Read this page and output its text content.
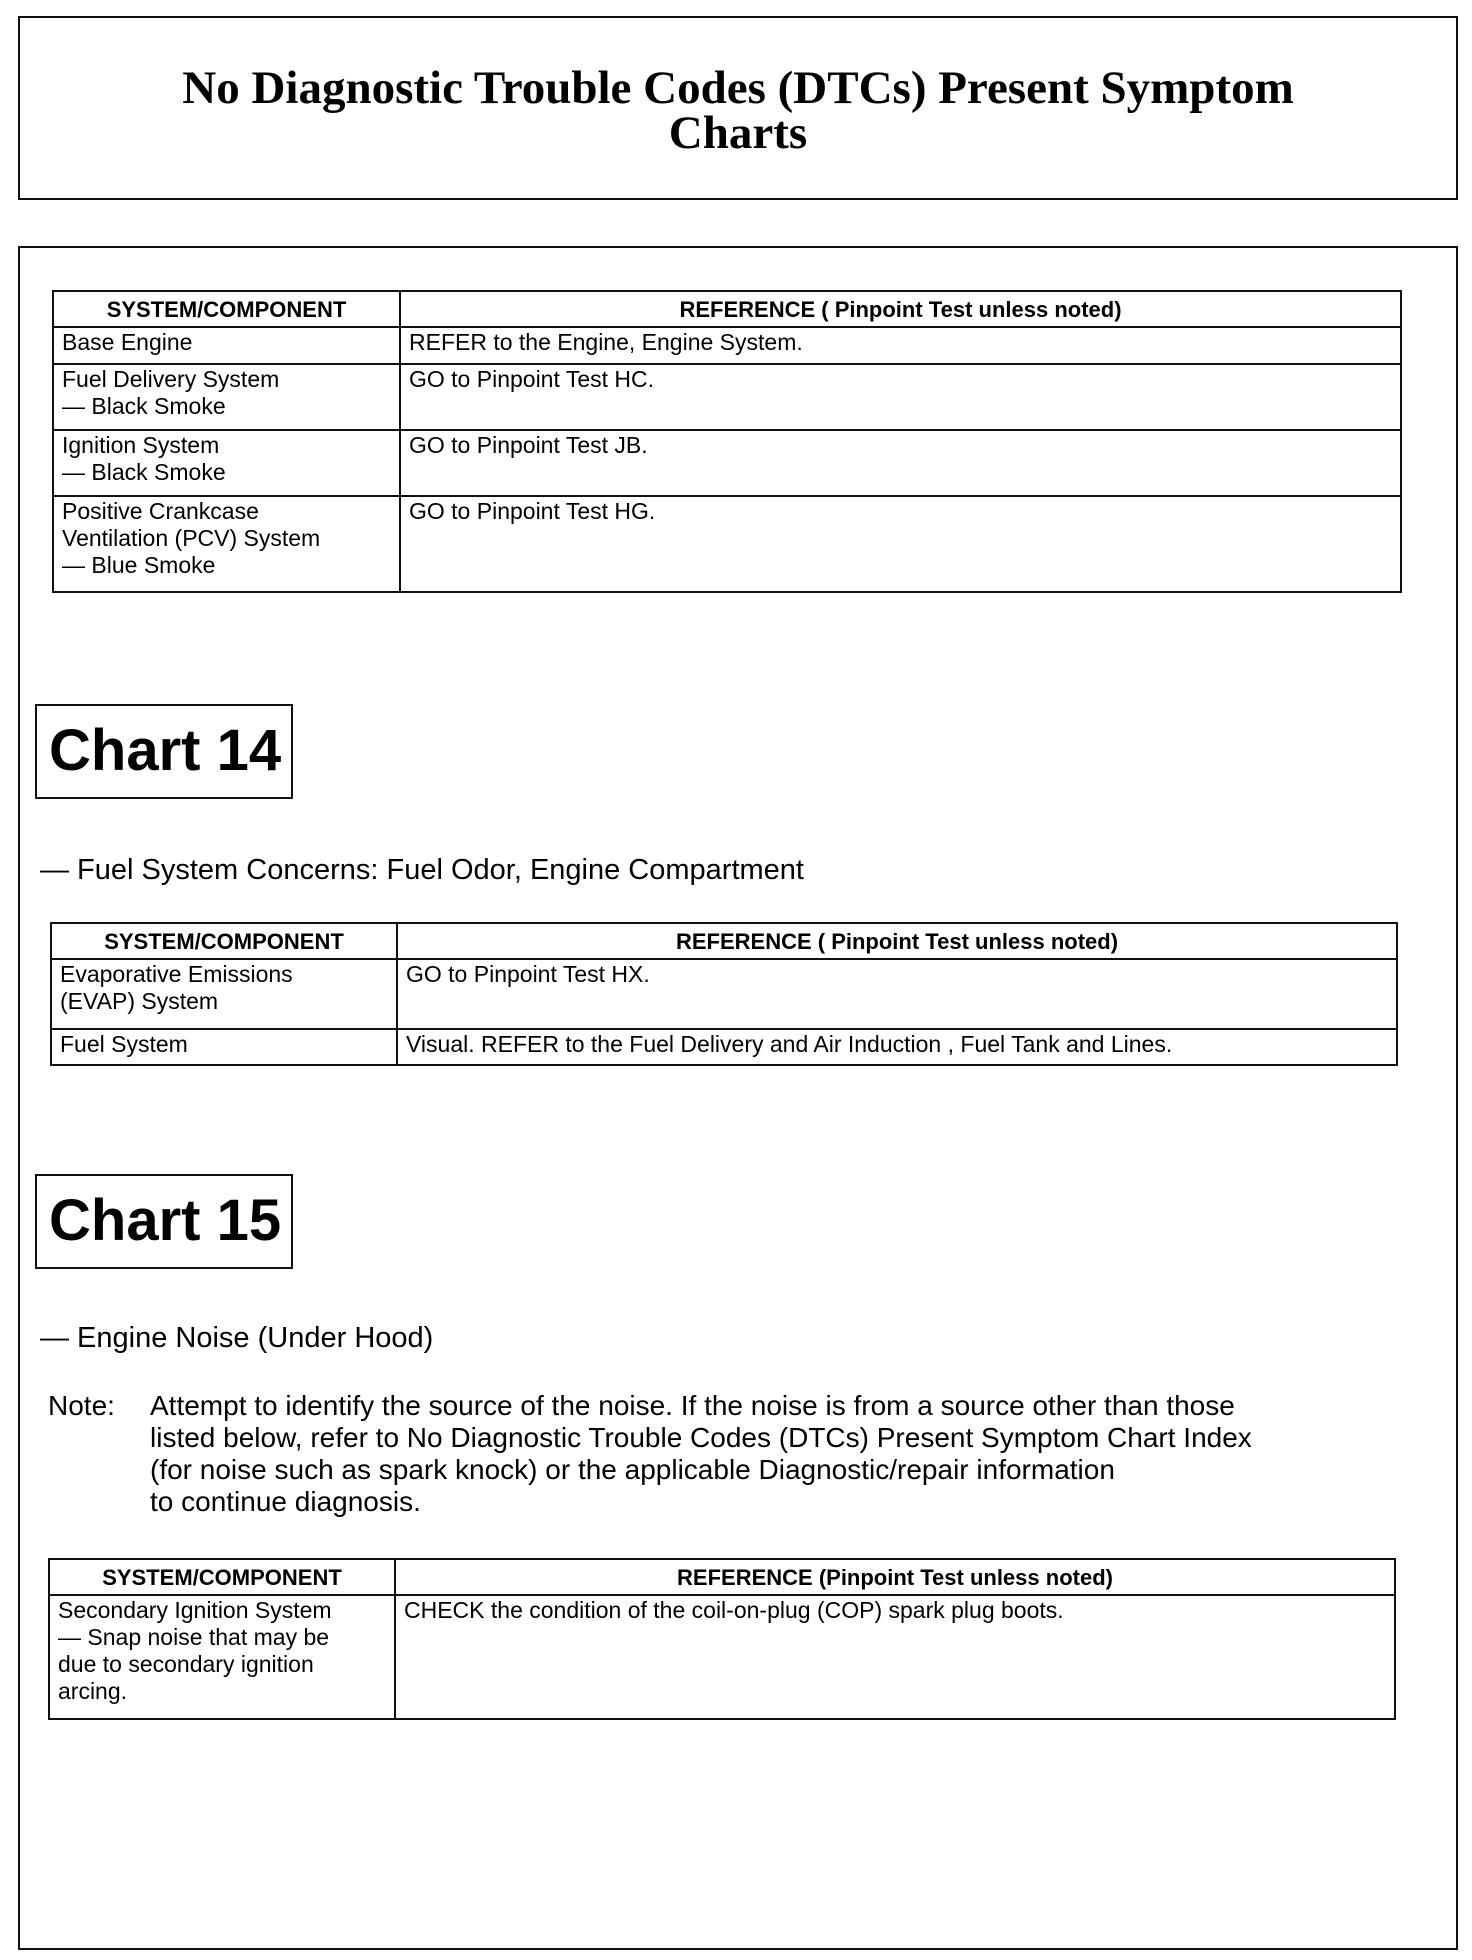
No Diagnostic Trouble Codes (DTCs) Present Symptom
Charts
SYSTEM/COMPONENT	REFERENCE ( Pinpoint Test unless noted)

Base Engine	REFER to the Engine, Engine System.

Fuel Delivery System
— Black Smoke	GO to Pinpoint Test HC.

Ignition System
— Black Smoke	GO to Pinpoint Test JB.

Positive Crankcase
Ventilation (PCV) System
— Blue Smoke	GO to Pinpoint Test HG.
Chart 14
— Fuel System Concerns: Fuel Odor, Engine Compartment
SYSTEM/COMPONENT	REFERENCE ( Pinpoint Test unless noted)

Evaporative Emissions
(EVAP) System	GO to Pinpoint Test HX.

Fuel System	Visual. REFER to the Fuel Delivery and Air Induction , Fuel Tank and Lines.
Chart 15
— Engine Noise (Under Hood)
Note: Attempt to identify the source of the noise. If the noise is from a source other than those
listed below, refer to No Diagnostic Trouble Codes (DTCs) Present Symptom Chart Index
(for noise such as spark knock) or the applicable Diagnostic/repair information
to continue diagnosis.
SYSTEM/COMPONENT	REFERENCE (Pinpoint Test unless noted)

Secondary Ignition System
— Snap noise that may be
due to secondary ignition
arcing.	CHECK the condition of the coil-on-plug (COP) spark plug boots.
